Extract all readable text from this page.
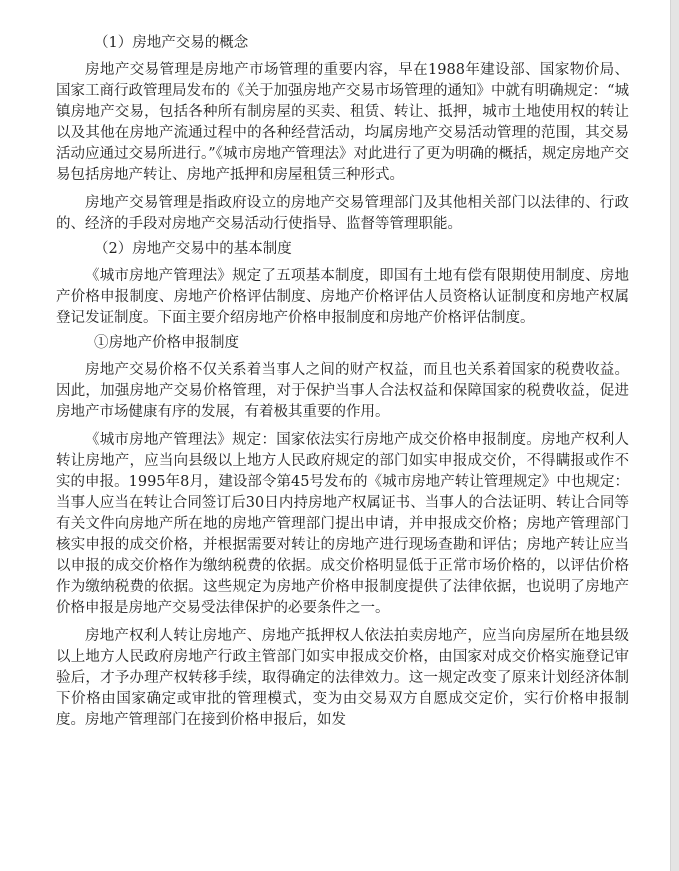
（1）房地产交易的概念

房地产交易管理是房地产市场管理的重要内容，早在1988年建设部、国家物价局、国家工商行政管理局发布的《关于加强房地产交易市场管理的通知》中就有明确规定：“城镇房地产交易，包括各种所有制房屋的买卖、租赁、转让、抵押，城市土地使用权的转让以及其他在房地产流通过程中的各种经营活动，均属房地产交易活动管理的范围，其交易活动应通过交易所进行。”《城市房地产管理法》对此进行了更为明确的概括，规定房地产交易包括房地产转让、房地产抵押和房屋租赁三种形式。

房地产交易管理是指政府设立的房地产交易管理部门及其他相关部门以法律的、行政的、经济的手段对房地产交易活动行使指导、监督等管理职能。

（2）房地产交易中的基本制度

《城市房地产管理法》规定了五项基本制度，即国有土地有偿有限期使用制度、房地产价格申报制度、房地产价格评估制度、房地产价格评估人员资格认证制度和房地产权属登记发证制度。下面主要介绍房地产价格申报制度和房地产价格评估制度。

①房地产价格申报制度

房地产交易价格不仅关系着当事人之间的财产权益，而且也关系着国家的税费收益。因此，加强房地产交易价格管理，对于保护当事人合法权益和保障国家的税费收益，促进房地产市场健康有序的发展，有着极其重要的作用。

《城市房地产管理法》规定：国家依法实行房地产成交价格申报制度。房地产权利人转让房地产，应当向县级以上地方人民政府规定的部门如实申报成交价，不得瞒报或作不实的申报。1995年8月，建设部令第45号发布的《城市房地产转让管理规定》中也规定：当事人应当在转让合同签订后30日内持房地产权属证书、当事人的合法证明、转让合同等有关文件向房地产所在地的房地产管理部门提出申请，并申报成交价格；房地产管理部门核实申报的成交价格，并根据需要对转让的房地产进行现场查勘和评估；房地产转让应当以申报的成交价格作为缴纳税费的依据。成交价格明显低于正常市场价格的，以评估价格作为缴纳税费的依据。这些规定为房地产价格申报制度提供了法律依据，也说明了房地产价格申报是房地产交易受法律保护的必要条件之一。

房地产权利人转让房地产、房地产抵押权人依法拍卖房地产，应当向房屋所在地县级以上地方人民政府房地产行政主管部门如实申报成交价格，由国家对成交价格实施登记审验后，才予办理产权转移手续，取得确定的法律效力。这一规定改变了原来计划经济体制下价格由国家确定或审批的管理模式，变为由交易双方自愿成交定价，实行价格申报制度。房地产管理部门在接到价格申报后，如发
